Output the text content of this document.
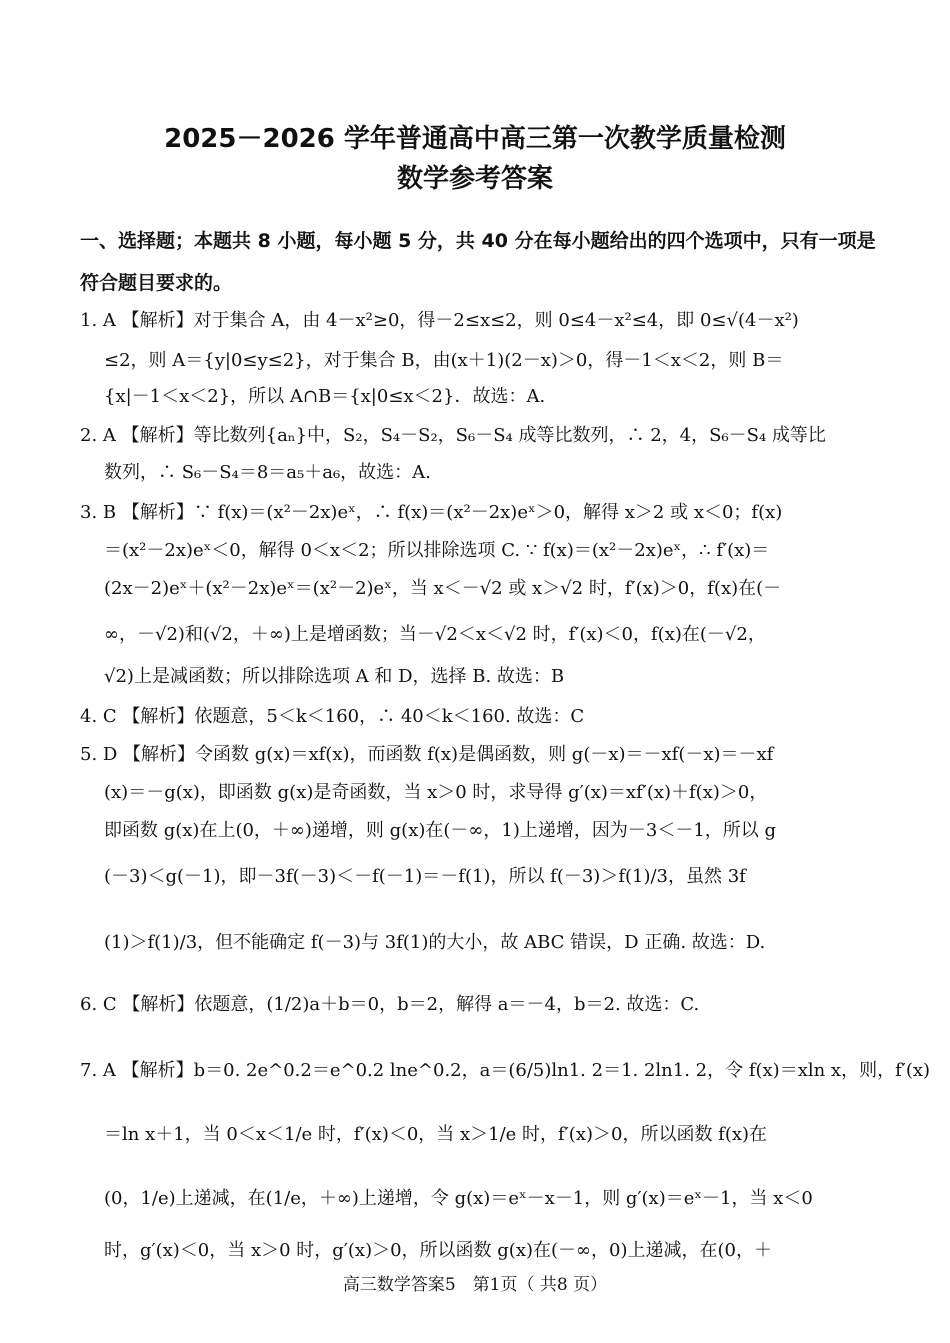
2025－2026 学年普通高中高三第一次教学质量检测
数学参考答案
一、选择题；本题共 8 小题，每小题 5 分，共 40 分在每小题给出的四个选项中，只有一项是符合题目要求的。
1. A 【解析】对于集合 A，由 4－x²≥0，得－2≤x≤2，则 0≤4－x²≤4，即 0≤√(4－x²)
≤2，则 A＝{y|0≤y≤2}，对于集合 B，由(x＋1)(2－x)＞0，得－1＜x＜2，则 B＝
{x|－1＜x＜2}，所以 A∩B＝{x|0≤x＜2}．故选：A.
2. A 【解析】等比数列{aₙ}中，S₂，S₄－S₂，S₆－S₄ 成等比数列，∴ 2，4，S₆－S₄ 成等比
数列，∴ S₆－S₄＝8＝a₅＋a₆，故选：A.
3. B 【解析】∵ f(x)＝(x²－2x)eˣ，∴ f(x)＝(x²－2x)eˣ＞0，解得 x＞2 或 x＜0；f(x)
＝(x²－2x)eˣ＜0，解得 0＜x＜2；所以排除选项 C. ∵ f(x)＝(x²－2x)eˣ，∴ f′(x)＝
(2x－2)eˣ＋(x²－2x)eˣ＝(x²－2)eˣ，当 x＜－√2 或 x＞√2 时，f′(x)＞0，f(x)在(－
∞，－√2)和(√2，＋∞)上是增函数；当－√2＜x＜√2 时，f′(x)＜0，f(x)在(－√2，
√2)上是减函数；所以排除选项 A 和 D，选择 B. 故选：B
4. C 【解析】依题意，5＜k＜160，∴ 40＜k＜160. 故选：C
5. D 【解析】令函数 g(x)＝xf(x)，而函数 f(x)是偶函数，则 g(－x)＝－xf(－x)＝－xf
(x)＝－g(x)，即函数 g(x)是奇函数，当 x＞0 时，求导得 g′(x)＝xf′(x)＋f(x)＞0，
即函数 g(x)在上(0，＋∞)递增，则 g(x)在(－∞，1)上递增，因为－3＜－1，所以 g
(－3)＜g(－1)，即－3f(－3)＜－f(－1)＝－f(1)，所以 f(－3)＞f(1)/3，虽然 3f
(1)＞f(1)/3，但不能确定 f(－3)与 3f(1)的大小，故 ABC 错误，D 正确. 故选：D.
6. C 【解析】依题意，(1/2)a＋b＝0，b＝2，解得 a＝－4，b＝2. 故选：C.
7. A 【解析】b＝0. 2e^0.2＝e^0.2 lne^0.2，a＝(6/5)ln1. 2＝1. 2ln1. 2，令 f(x)＝xln x，则，f′(x)
＝ln x＋1，当 0＜x＜1/e 时，f′(x)＜0，当 x＞1/e 时，f′(x)＞0，所以函数 f(x)在
(0，1/e)上递减，在(1/e，＋∞)上递增，令 g(x)＝eˣ－x－1，则 g′(x)＝eˣ－1，当 x＜0
时，g′(x)＜0，当 x＞0 时，g′(x)＞0，所以函数 g(x)在(－∞，0)上递减，在(0，＋
高三数学答案5　第1页（ 共8 页）
